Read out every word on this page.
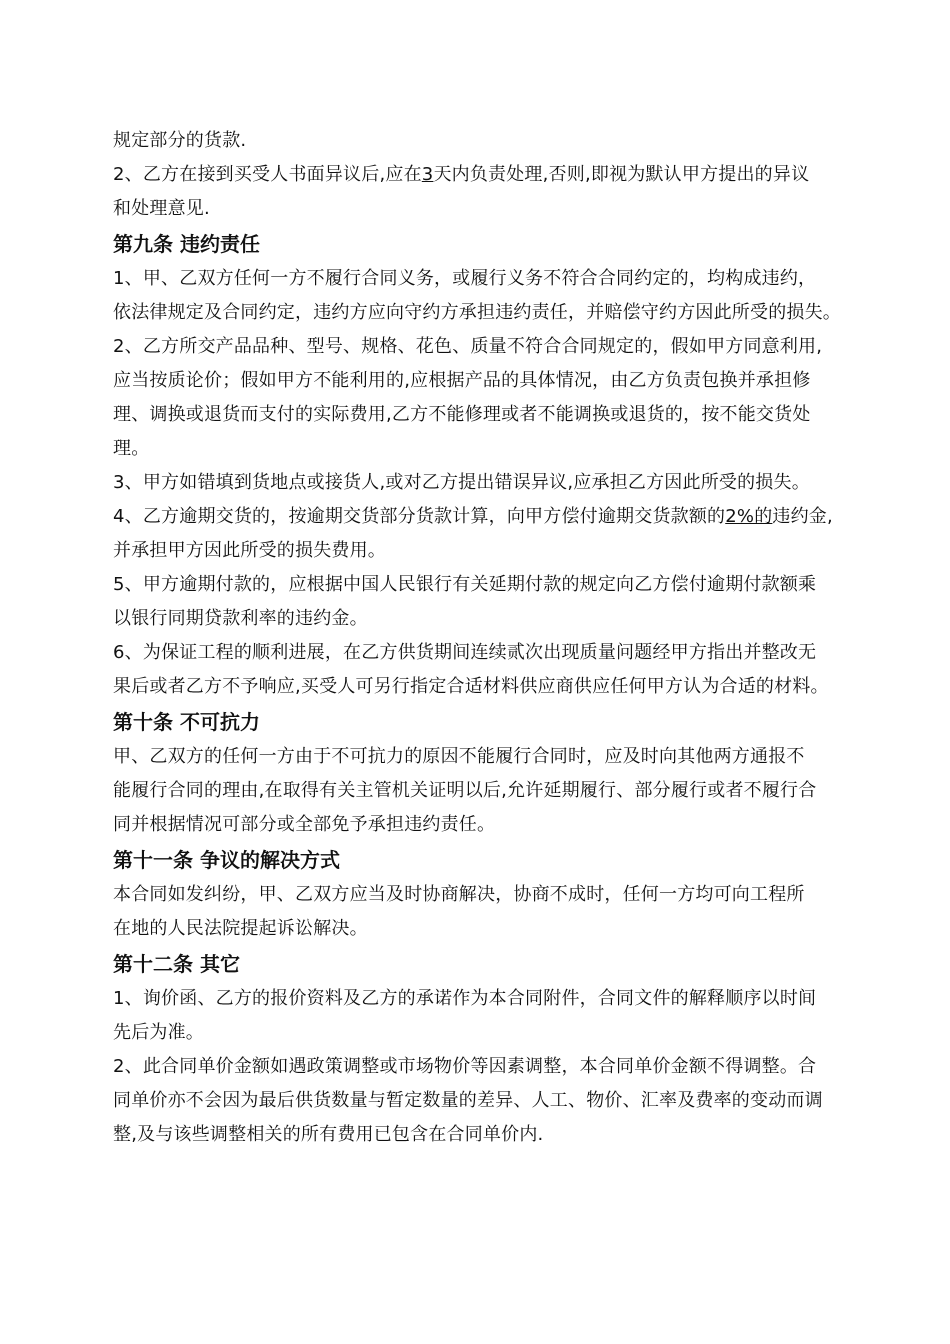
规定部分的货款.
2、乙方在接到买受人书面异议后,应在3天内负责处理,否则,即视为默认甲方提出的异议
和处理意见.
第九条 违约责任
1、甲、乙双方任何一方不履行合同义务，或履行义务不符合合同约定的，均构成违约，
依法律规定及合同约定，违约方应向守约方承担违约责任，并赔偿守约方因此所受的损失。
2、乙方所交产品品种、型号、规格、花色、质量不符合合同规定的，假如甲方同意利用,
应当按质论价；假如甲方不能利用的,应根据产品的具体情况，由乙方负责包换并承担修
理、调换或退货而支付的实际费用,乙方不能修理或者不能调换或退货的，按不能交货处
理。
3、甲方如错填到货地点或接货人,或对乙方提出错误异议,应承担乙方因此所受的损失。
4、乙方逾期交货的，按逾期交货部分货款计算，向甲方偿付逾期交货款额的2%的违约金,
并承担甲方因此所受的损失费用。
5、甲方逾期付款的，应根据中国人民银行有关延期付款的规定向乙方偿付逾期付款额乘
以银行同期贷款利率的违约金。
6、为保证工程的顺利进展，在乙方供货期间连续贰次出现质量问题经甲方指出并整改无
果后或者乙方不予响应,买受人可另行指定合适材料供应商供应任何甲方认为合适的材料。
第十条 不可抗力
甲、乙双方的任何一方由于不可抗力的原因不能履行合同时，应及时向其他两方通报不
能履行合同的理由,在取得有关主管机关证明以后,允许延期履行、部分履行或者不履行合
同并根据情况可部分或全部免予承担违约责任。
第十一条 争议的解决方式
本合同如发纠纷，甲、乙双方应当及时协商解决，协商不成时，任何一方均可向工程所
在地的人民法院提起诉讼解决。
第十二条 其它
1、询价函、乙方的报价资料及乙方的承诺作为本合同附件，合同文件的解释顺序以时间
先后为准。
2、此合同单价金额如遇政策调整或市场物价等因素调整，本合同单价金额不得调整。合
同单价亦不会因为最后供货数量与暂定数量的差异、人工、物价、汇率及费率的变动而调
整,及与该些调整相关的所有费用已包含在合同单价内.
